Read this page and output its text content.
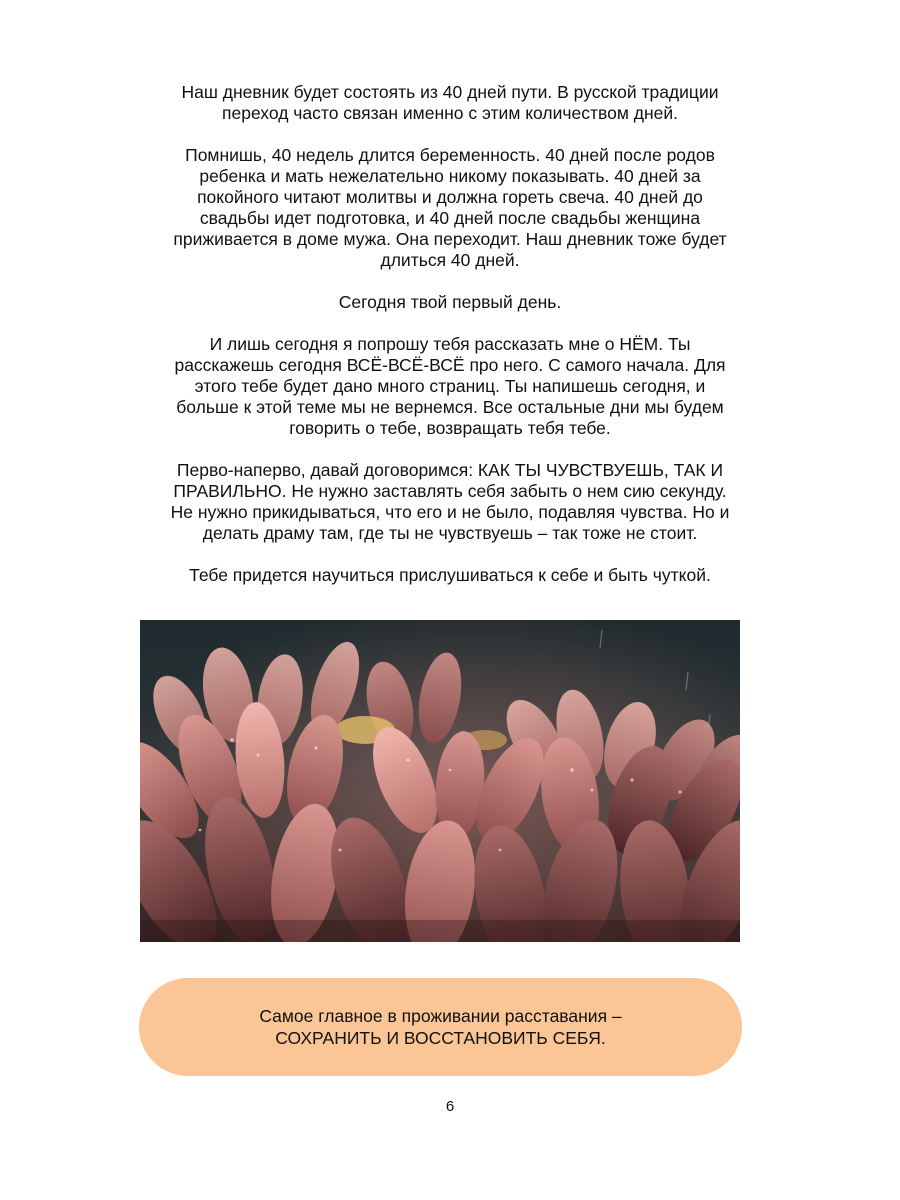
Наш дневник будет состоять из 40 дней пути. В русской традиции
переход часто связан именно с этим количеством дней.

Помнишь, 40 недель длится беременность. 40 дней после родов
ребенка и мать нежелательно никому показывать. 40 дней за
покойного читают молитвы и должна гореть свеча. 40 дней до
свадьбы идет подготовка, и 40 дней после свадьбы женщина
приживается в доме мужа. Она переходит. Наш дневник тоже будет
длиться 40 дней.

Сегодня твой первый день.

И лишь сегодня я попрошу тебя рассказать мне о НЁМ. Ты
расскажешь сегодня ВСЁ-ВСЁ-ВСЁ про него. С самого начала. Для
этого тебе будет дано много страниц. Ты напишешь сегодня, и
больше к этой теме мы не вернемся. Все остальные дни мы будем
говорить о тебе, возвращать тебя тебе.

Перво-наперво, давай договоримся: КАК ТЫ ЧУВСТВУЕШЬ, ТАК И
ПРАВИЛЬНО. Не нужно заставлять себя забыть о нем сию секунду.
Не нужно прикидываться, что его и не было, подавляя чувства. Но и
делать драму там, где ты не чувствуешь – так тоже не стоит.

Тебе придется научиться прислушиваться к себе и быть чуткой.

Самое главное в проживании расставания –
СОХРАНИТЬ И ВОССТАНОВИТЬ СЕБЯ.
6
